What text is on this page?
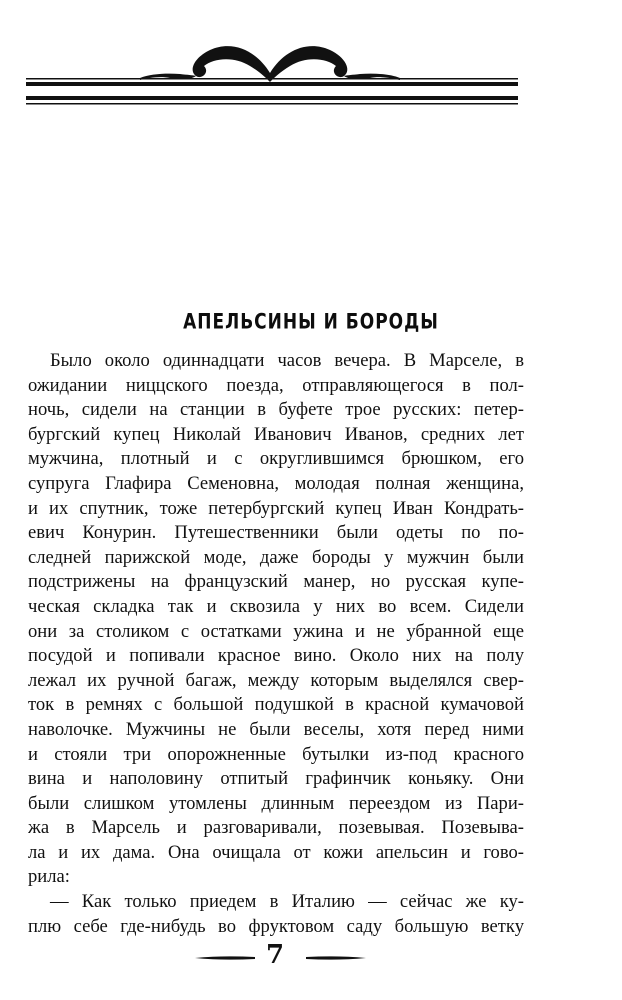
АПЕЛЬСИНЫ И БОРОДЫ
Было около одиннадцати часов вечера. В Марселе, в
ожидании ниццского поезда, отправляющегося в пол-
ночь, сидели на станции в буфете трое русских: петер-
бургский купец Николай Иванович Иванов, средних лет
мужчина, плотный и с округлившимся брюшком, его
супруга Глафира Семеновна, молодая полная женщина,
и их спутник, тоже петербургский купец Иван Кондрать-
евич Конурин. Путешественники были одеты по по-
следней парижской моде, даже бороды у мужчин были
подстрижены на французский манер, но русская купе-
ческая складка так и сквозила у них во всем. Сидели
они за столиком с остатками ужина и не убранной еще
посудой и попивали красное вино. Около них на полу
лежал их ручной багаж, между которым выделялся свер-
ток в ремнях с большой подушкой в красной кумачовой
наволочке. Мужчины не были веселы, хотя перед ними
и стояли три опорожненные бутылки из-под красного
вина и наполовину отпитый графинчик коньяку. Они
были слишком утомлены длинным переездом из Пари-
жа в Марсель и разговаривали, позевывая. Позевыва-
ла и их дама. Она очищала от кожи апельсин и гово-
рила:
— Как только приедем в Италию — сейчас же ку-
плю себе где-нибудь во фруктовом саду большую ветку
7
